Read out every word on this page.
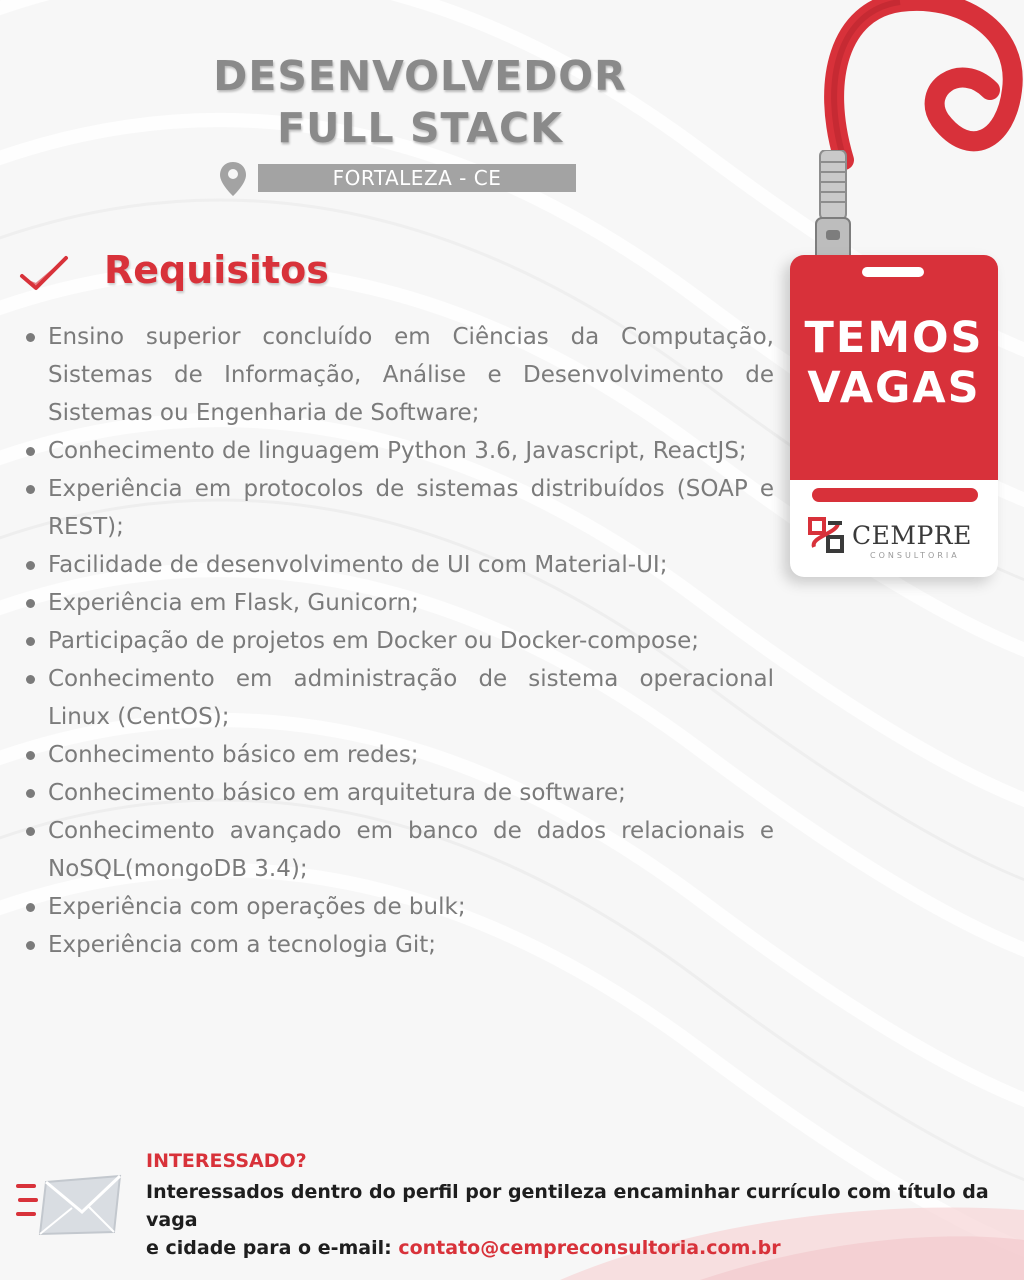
DESENVOLVEDOR
FULL STACK
FORTALEZA - CE
Requisitos
Ensino superior concluído em Ciências da Computação, Sistemas de Informação, Análise e Desenvolvimento de Sistemas ou Engenharia de Software;
Conhecimento de linguagem Python 3.6, Javascript, ReactJS;
Experiência em protocolos de sistemas distribuídos (SOAP e REST);
Facilidade de desenvolvimento de UI com Material-UI;
Experiência em Flask, Gunicorn;
Participação de projetos em Docker ou Docker-compose;
Conhecimento em administração de sistema operacional Linux (CentOS);
Conhecimento básico em redes;
Conhecimento básico em arquitetura de software;
Conhecimento avançado em banco de dados relacionais e NoSQL(mongoDB 3.4);
Experiência com operações de bulk;
Experiência com a tecnologia Git;
TEMOS
VAGAS
CEMPRE
CONSULTORIA
INTERESSADO?
Interessados dentro do perfil por gentileza encaminhar currículo com título da vaga
e cidade para o e-mail: contato@cempreconsultoria.com.br
